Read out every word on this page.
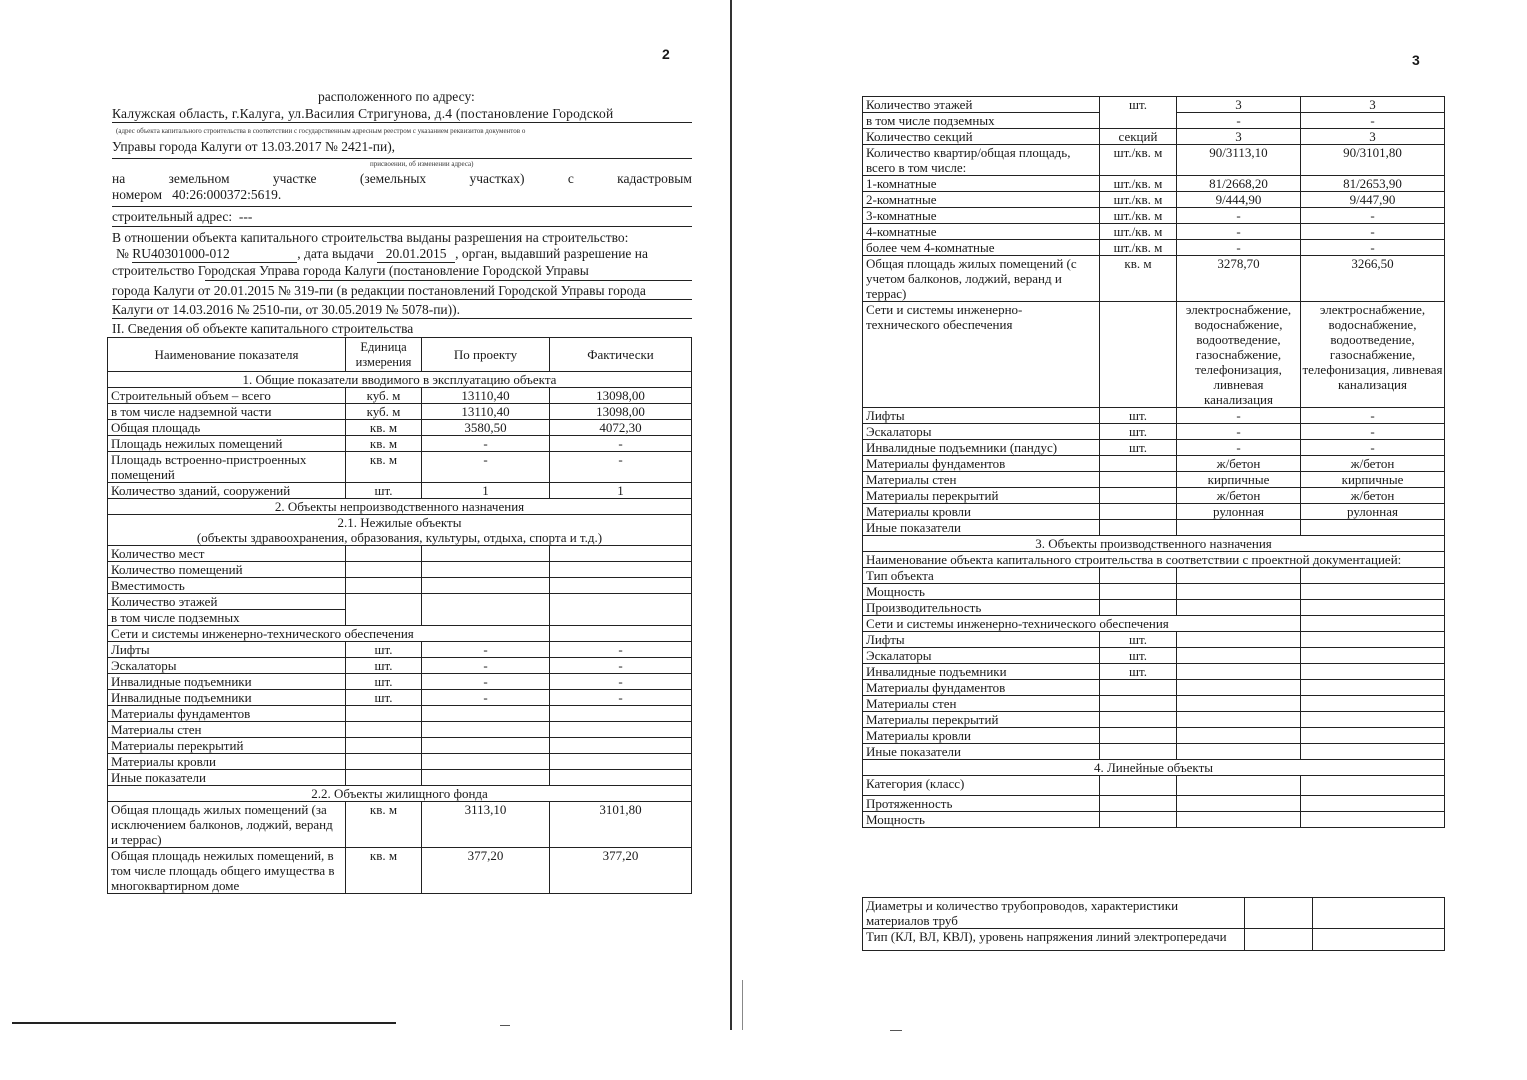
2
расположенного по адресу:
Калужская область, г.Калуга, ул.Василия Стригунова, д.4 (постановление Городской
(адрес объекта капитального строительства в соответствии с государственным адресным реестром с указанием реквизитов документов о
Управы города Калуги от 13.03.2017 № 2421-пи),
присвоении, об изменении адреса)
на	земельном	участке	(земельных	участках)	с	кадастровым
номером 40:26:000372:5619.
строительный адрес: ---
В отношении объекта капитального строительства выданы разрешения на строительство:
№ RU40301000-012	, дата выдачи 20.01.2015 , орган, выдавший разрешение на
строительство Городская Управа города Калуги (постановление Городской Управы
города Калуги от 20.01.2015 № 319-пи (в редакции постановлений Городской Управы города
Калуги от 14.03.2016 № 2510-пи, от 30.05.2019 № 5078-пи)).
II. Сведения об объекте капитального строительства
Наименование показателя	Единица измерения	По проекту	Фактически
1. Общие показатели вводимого в эксплуатацию объекта			
Строительный объем – всего	куб. м	13110,40	13098,00
в том числе надземной части	куб. м	13110,40	13098,00
Общая площадь	кв. м	3580,50	4072,30
Площадь нежилых помещений	кв. м	-	-
Площадь встроенно-пристроенных помещений	кв. м	-	-
Количество зданий, сооружений	шт.	1	1
2. Объекты непроизводственного назначения			
2.1. Нежилые объекты
(объекты здравоохранения, образования, культуры, отдыха, спорта и т.д.)			
Количество мест			
Количество помещений			
Вместимость			
Количество этажей			
в том числе подземных			
Сети и системы инженерно-технического обеспечения			
Лифты	шт.	-	-
Эскалаторы	шт.	-	-
Инвалидные подъемники	шт.	-	-
Инвалидные подъемники	шт.	-	-
Материалы фундаментов			
Материалы стен			
Материалы перекрытий			
Материалы кровли			
Иные показатели			
2.2. Объекты жилищного фонда			
Общая площадь жилых помещений (за исключением балконов, лоджий, веранд и террас)	кв. м	3113,10	3101,80
Общая площадь нежилых помещений, в том числе площадь общего имущества в многоквартирном доме	кв. м	377,20	377,20
3
Количество этажей	шт.	3	3
в том числе подземных		-	-
Количество секций	секций	3	3
Количество квартир/общая площадь, всего в том числе:	шт./кв. м	90/3113,10	90/3101,80
1-комнатные	шт./кв. м	81/2668,20	81/2653,90
2-комнатные	шт./кв. м	9/444,90	9/447,90
3-комнатные	шт./кв. м	-	-
4-комнатные	шт./кв. м	-	-
более чем 4-комнатные	шт./кв. м	-	-
Общая площадь жилых помещений (с учетом балконов, лоджий, веранд и террас)	кв. м	3278,70	3266,50
Сети и системы инженерно-технического обеспечения		электроснабжение, водоснабжение, водоотведение, газоснабжение, телефонизация, ливневая канализация	электроснабжение, водоснабжение, водоотведение, газоснабжение, телефонизация, ливневая канализация
Лифты	шт.	-	-
Эскалаторы	шт.	-	-
Инвалидные подъемники (пандус)	шт.	-	-
Материалы фундаментов		ж/бетон	ж/бетон
Материалы стен		кирпичные	кирпичные
Материалы перекрытий		ж/бетон	ж/бетон
Материалы кровли		рулонная	рулонная
Иные показатели			
3. Объекты производственного назначения			
Наименование объекта капитального строительства в соответствии с проектной документацией:			
Тип объекта			
Мощность			
Производительность			
Сети и системы инженерно-технического обеспечения			
Лифты	шт.		
Эскалаторы	шт.		
Инвалидные подъемники	шт.		
Материалы фундаментов			
Материалы стен			
Материалы перекрытий			
Материалы кровли			
Иные показатели			
4. Линейные объекты			
Категория (класс)			
Протяженность			
Мощность			
Диаметры и количество трубопроводов, характеристики материалов труб		
Тип (КЛ, ВЛ, КВЛ), уровень напряжения линий электропередачи		
